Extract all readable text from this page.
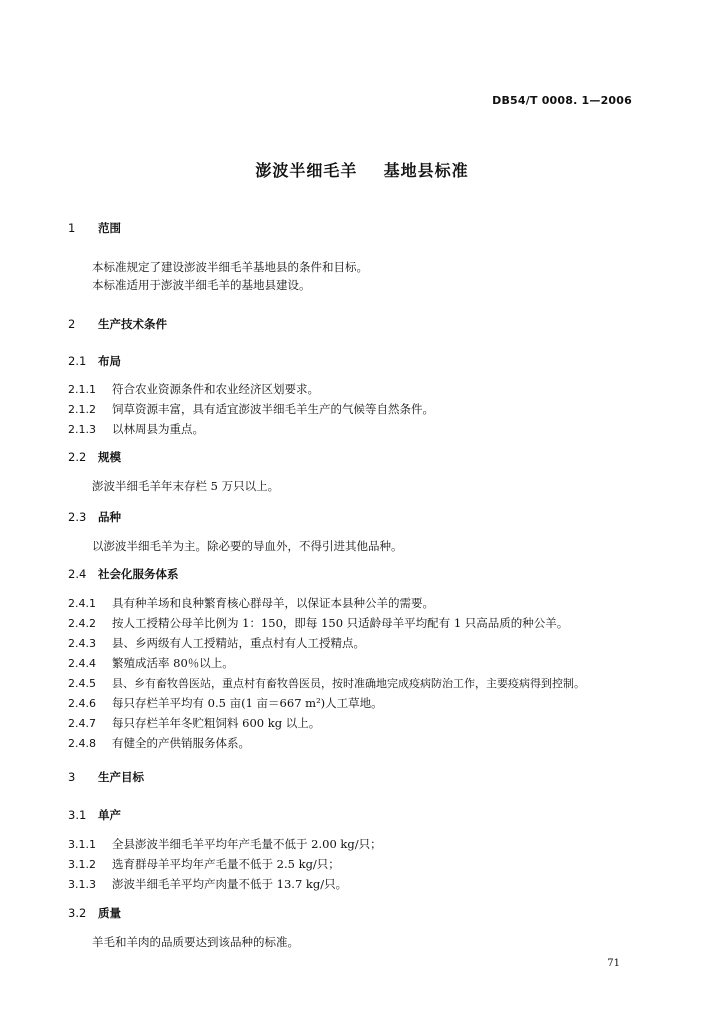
DB54/T 0008. 1—2006
澎波半细毛羊    基地县标准
1 范围
本标准规定了建设澎波半细毛羊基地县的条件和目标。
本标准适用于澎波半细毛羊的基地县建设。
2 生产技术条件
2.1 布局
2.1.1 符合农业资源条件和农业经济区划要求。
2.1.2 饲草资源丰富，具有适宜澎波半细毛羊生产的气候等自然条件。
2.1.3 以林周县为重点。
2.2 规模
澎波半细毛羊年末存栏 5 万只以上。
2.3 品种
以澎波半细毛羊为主。除必要的导血外，不得引进其他品种。
2.4 社会化服务体系
2.4.1 具有种羊场和良种繁育核心群母羊，以保证本县种公羊的需要。
2.4.2 按人工授精公母羊比例为 1：150，即每 150 只适龄母羊平均配有 1 只高品质的种公羊。
2.4.3 县、乡两级有人工授精站，重点村有人工授精点。
2.4.4 繁殖成活率 80％以上。
2.4.5 县、乡有畜牧兽医站，重点村有畜牧兽医员，按时准确地完成疫病防治工作，主要疫病得到控制。
2.4.6 每只存栏羊平均有 0.5 亩(1 亩＝667 m²)人工草地。
2.4.7 每只存栏羊年冬贮粗饲料 600 kg 以上。
2.4.8 有健全的产供销服务体系。
3 生产目标
3.1 单产
3.1.1 全县澎波半细毛羊平均年产毛量不低于 2.00 kg/只；
3.1.2 选育群母羊平均年产毛量不低于 2.5 kg/只；
3.1.3 澎波半细毛羊平均产肉量不低于 13.7 kg/只。
3.2 质量
羊毛和羊肉的品质要达到该品种的标准。
71
